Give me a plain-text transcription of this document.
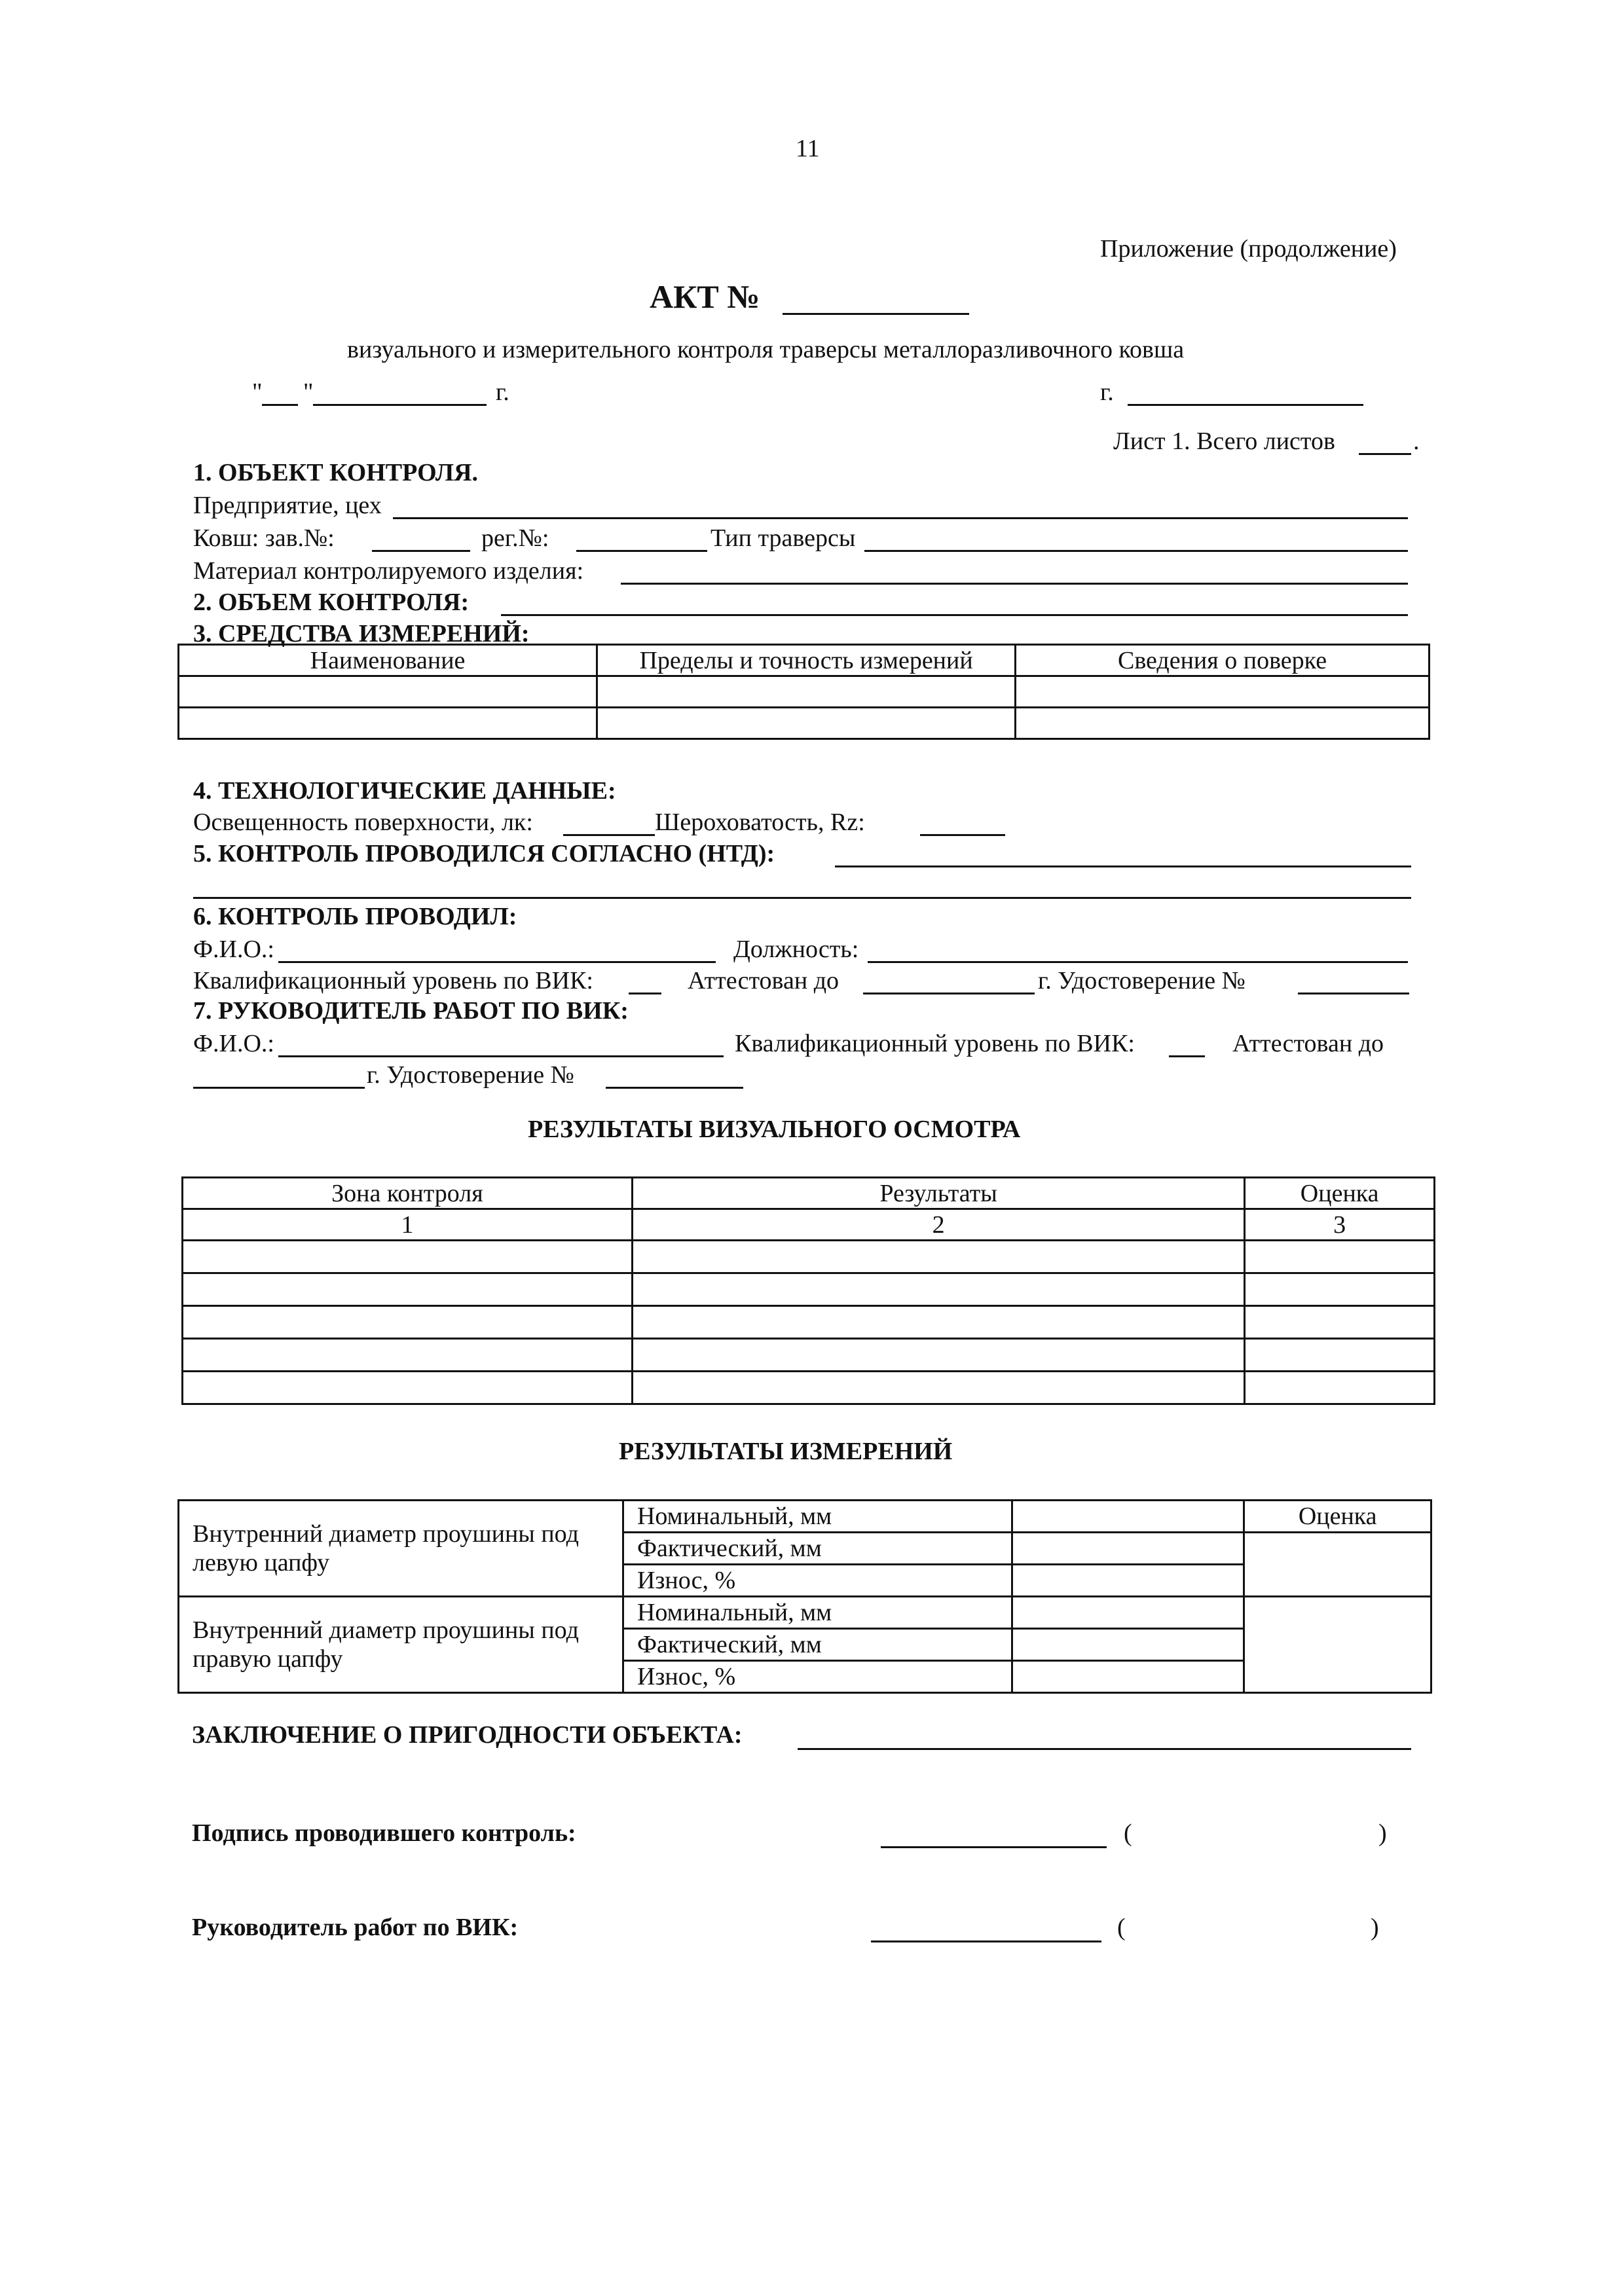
11
Приложение (продолжение)
АКТ №
визуального и измерительного контроля траверсы металлоразливочного ковша
" "	г.	г.
Лист 1. Всего листов	.
1. ОБЪЕКТ КОНТРОЛЯ.
Предприятие, цех
Ковш: зав.№:	рег.№:	Тип траверсы
Материал контролируемого изделия:
2. ОБЪЕМ КОНТРОЛЯ:
3. СРЕДСТВА ИЗМЕРЕНИЙ:
Наименование	Пределы и точность измерений	Сведения о поверке

4. ТЕХНОЛОГИЧЕСКИЕ ДАННЫЕ:
Освещенность поверхности, лк:	Шероховатость, Rz:
5. КОНТРОЛЬ ПРОВОДИЛСЯ СОГЛАСНО (НТД):
6. КОНТРОЛЬ ПРОВОДИЛ:
Ф.И.О.:	Должность:
Квалификационный уровень по ВИК:	Аттестован до	г. Удостоверение №
7. РУКОВОДИТЕЛЬ РАБОТ ПО ВИК:
Ф.И.О.:	Квалификационный уровень по ВИК:	Аттестован до
г. Удостоверение №
РЕЗУЛЬТАТЫ ВИЗУАЛЬНОГО ОСМОТРА
Зона контроля	Результаты	Оценка
1	2	3

РЕЗУЛЬТАТЫ ИЗМЕРЕНИЙ
Внутренний диаметр проушины под левую цапфу	Номинальный, мм		Оценка
	Фактический, мм		
	Износ, %		
Внутренний диаметр проушины под правую цапфу	Номинальный, мм		
	Фактический, мм		
	Износ, %		
ЗАКЛЮЧЕНИЕ О ПРИГОДНОСТИ ОБЪЕКТА:
Подпись проводившего контроль:	(	)
Руководитель работ по ВИК:	(	)
